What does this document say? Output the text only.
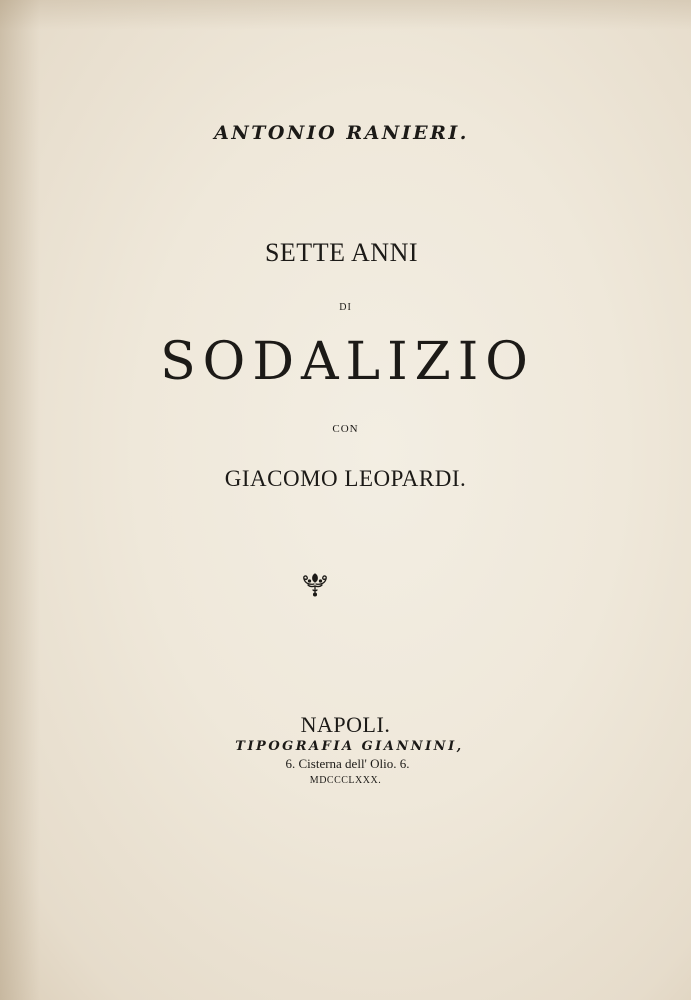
ANTONIO RANIERI.
SETTE ANNI
DI
SODALIZIO
CON
GIACOMO LEOPARDI.
NAPOLI.
TIPOGRAFIA GIANNINI,
6. Cisterna dell' Olio. 6.
MDCCCLXXX.
